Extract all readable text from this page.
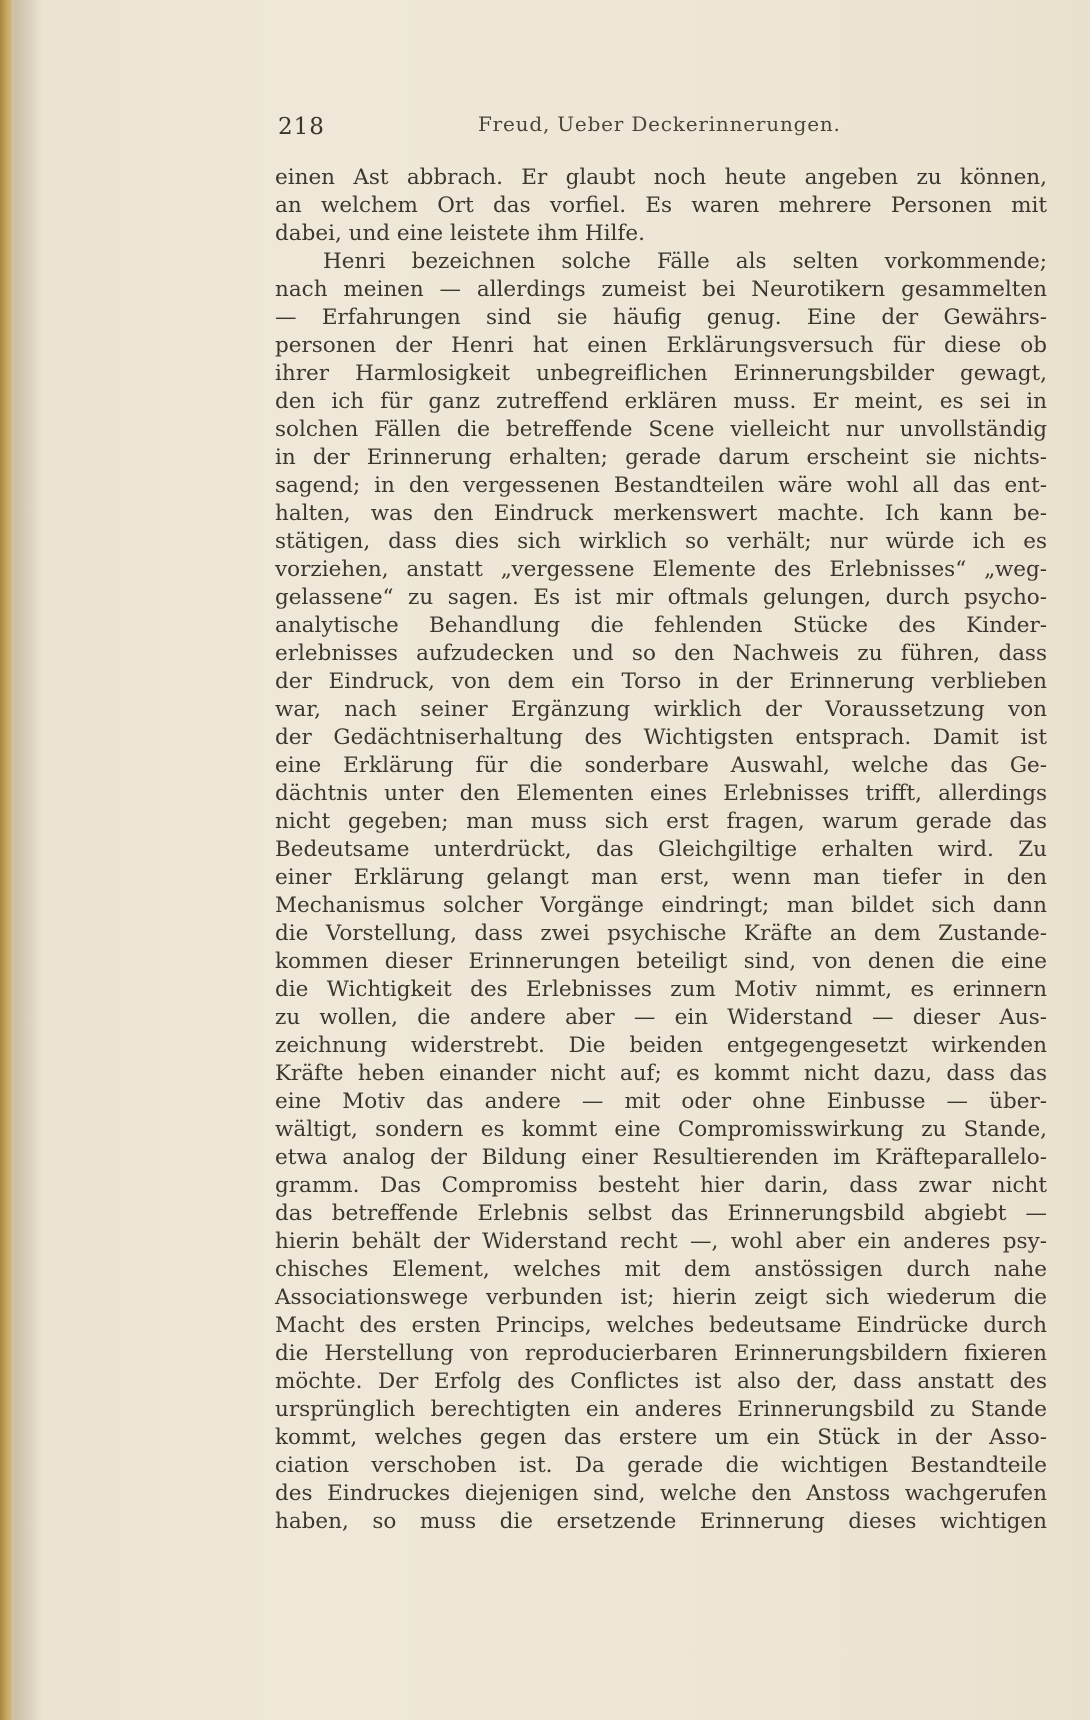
218	Freud, Ueber Deckerinnerungen.
einen Ast abbrach. Er glaubt noch heute angeben zu können,
an welchem Ort das vorfiel. Es waren mehrere Personen mit
dabei, und eine leistete ihm Hilfe.
Henri bezeichnen solche Fälle als selten vorkommende;
nach meinen — allerdings zumeist bei Neurotikern gesammelten
— Erfahrungen sind sie häufig genug. Eine der Gewährs-
personen der Henri hat einen Erklärungsversuch für diese ob
ihrer Harmlosigkeit unbegreiflichen Erinnerungsbilder gewagt,
den ich für ganz zutreffend erklären muss. Er meint, es sei in
solchen Fällen die betreffende Scene vielleicht nur unvollständig
in der Erinnerung erhalten; gerade darum erscheint sie nichts-
sagend; in den vergessenen Bestandteilen wäre wohl all das ent-
halten, was den Eindruck merkenswert machte. Ich kann be-
stätigen, dass dies sich wirklich so verhält; nur würde ich es
vorziehen, anstatt „vergessene Elemente des Erlebnisses“ „weg-
gelassene“ zu sagen. Es ist mir oftmals gelungen, durch psycho-
analytische Behandlung die fehlenden Stücke des Kinder-
erlebnisses aufzudecken und so den Nachweis zu führen, dass
der Eindruck, von dem ein Torso in der Erinnerung verblieben
war, nach seiner Ergänzung wirklich der Voraussetzung von
der Gedächtniserhaltung des Wichtigsten entsprach. Damit ist
eine Erklärung für die sonderbare Auswahl, welche das Ge-
dächtnis unter den Elementen eines Erlebnisses trifft, allerdings
nicht gegeben; man muss sich erst fragen, warum gerade das
Bedeutsame unterdrückt, das Gleichgiltige erhalten wird. Zu
einer Erklärung gelangt man erst, wenn man tiefer in den
Mechanismus solcher Vorgänge eindringt; man bildet sich dann
die Vorstellung, dass zwei psychische Kräfte an dem Zustande-
kommen dieser Erinnerungen beteiligt sind, von denen die eine
die Wichtigkeit des Erlebnisses zum Motiv nimmt, es erinnern
zu wollen, die andere aber — ein Widerstand — dieser Aus-
zeichnung widerstrebt. Die beiden entgegengesetzt wirkenden
Kräfte heben einander nicht auf; es kommt nicht dazu, dass das
eine Motiv das andere — mit oder ohne Einbusse — über-
wältigt, sondern es kommt eine Compromisswirkung zu Stande,
etwa analog der Bildung einer Resultierenden im Kräfteparallelo-
gramm. Das Compromiss besteht hier darin, dass zwar nicht
das betreffende Erlebnis selbst das Erinnerungsbild abgiebt —
hierin behält der Widerstand recht —, wohl aber ein anderes psy-
chisches Element, welches mit dem anstössigen durch nahe
Associationswege verbunden ist; hierin zeigt sich wiederum die
Macht des ersten Princips, welches bedeutsame Eindrücke durch
die Herstellung von reproducierbaren Erinnerungsbildern fixieren
möchte. Der Erfolg des Conflictes ist also der, dass anstatt des
ursprünglich berechtigten ein anderes Erinnerungsbild zu Stande
kommt, welches gegen das erstere um ein Stück in der Asso-
ciation verschoben ist. Da gerade die wichtigen Bestandteile
des Eindruckes diejenigen sind, welche den Anstoss wachgerufen
haben, so muss die ersetzende Erinnerung dieses wichtigen
